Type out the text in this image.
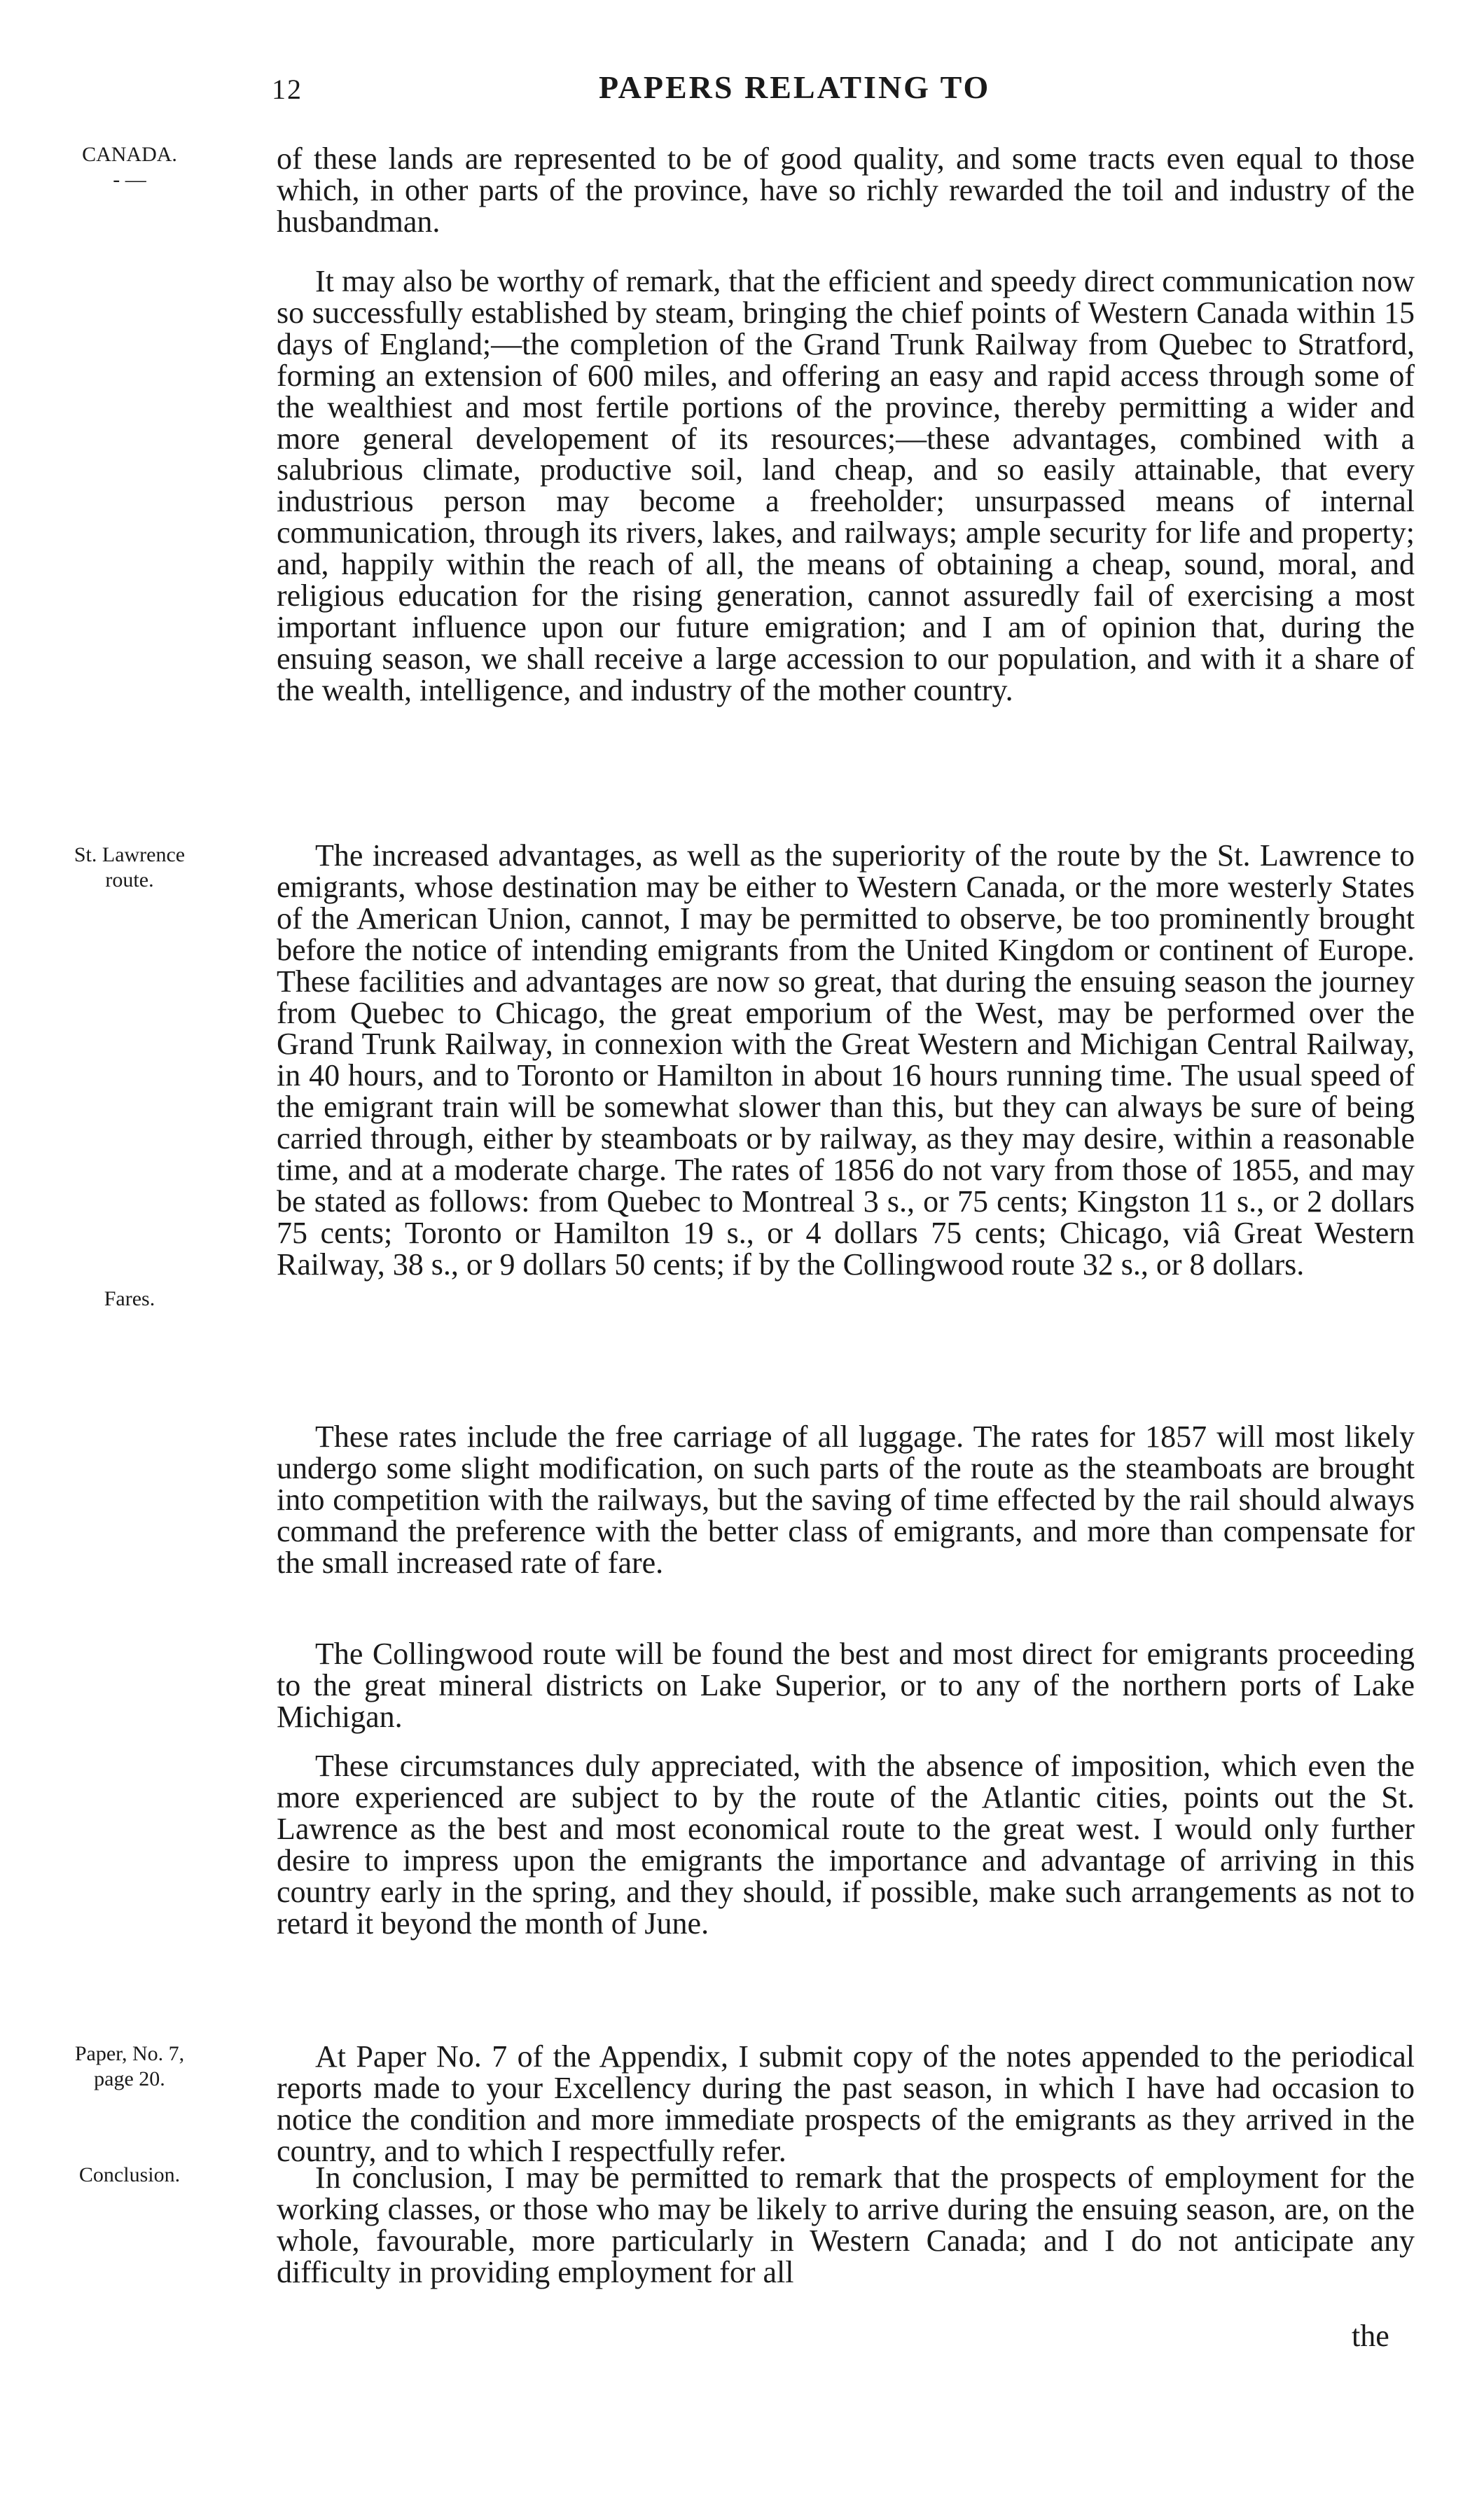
12	PAPERS RELATING TO
CANADA.
- —
St. Lawrence
route.
Fares.
Paper, No. 7,
page 20.
Conclusion.

of these lands are represented to be of good quality, and some tracts even equal to those which, in other parts of the province, have so richly rewarded the toil and industry of the husbandman.

It may also be worthy of remark, that the efficient and speedy direct communication now so successfully established by steam, bringing the chief points of Western Canada within 15 days of England;—the completion of the Grand Trunk Railway from Quebec to Stratford, forming an extension of 600 miles, and offering an easy and rapid access through some of the wealthiest and most fertile portions of the province, thereby permitting a wider and more general developement of its resources;—these advantages, combined with a salubrious climate, productive soil, land cheap, and so easily attainable, that every industrious person may become a freeholder; unsurpassed means of internal communication, through its rivers, lakes, and railways; ample security for life and property; and, happily within the reach of all, the means of obtaining a cheap, sound, moral, and religious education for the rising generation, cannot assuredly fail of exercising a most important influence upon our future emigration; and I am of opinion that, during the ensuing season, we shall receive a large accession to our population, and with it a share of the wealth, intelligence, and industry of the mother country.

The increased advantages, as well as the superiority of the route by the St. Lawrence to emigrants, whose destination may be either to Western Canada, or the more westerly States of the American Union, cannot, I may be permitted to observe, be too prominently brought before the notice of intending emigrants from the United Kingdom or continent of Europe. These facilities and advantages are now so great, that during the ensuing season the journey from Quebec to Chicago, the great emporium of the West, may be performed over the Grand Trunk Railway, in connexion with the Great Western and Michigan Central Railway, in 40 hours, and to Toronto or Hamilton in about 16 hours running time. The usual speed of the emigrant train will be somewhat slower than this, but they can always be sure of being carried through, either by steamboats or by railway, as they may desire, within a reasonable time, and at a moderate charge. The rates of 1856 do not vary from those of 1855, and may be stated as follows: from Quebec to Montreal 3 s., or 75 cents; Kingston 11 s., or 2 dollars 75 cents; Toronto or Hamilton 19 s., or 4 dollars 75 cents; Chicago, viâ Great Western Railway, 38 s., or 9 dollars 50 cents; if by the Collingwood route 32 s., or 8 dollars.

These rates include the free carriage of all luggage. The rates for 1857 will most likely undergo some slight modification, on such parts of the route as the steamboats are brought into competition with the railways, but the saving of time effected by the rail should always command the preference with the better class of emigrants, and more than compensate for the small increased rate of fare.

The Collingwood route will be found the best and most direct for emigrants proceeding to the great mineral districts on Lake Superior, or to any of the northern ports of Lake Michigan.

These circumstances duly appreciated, with the absence of imposition, which even the more experienced are subject to by the route of the Atlantic cities, points out the St. Lawrence as the best and most economical route to the great west. I would only further desire to impress upon the emigrants the importance and advantage of arriving in this country early in the spring, and they should, if possible, make such arrangements as not to retard it beyond the month of June.

At Paper No. 7 of the Appendix, I submit copy of the notes appended to the periodical reports made to your Excellency during the past season, in which I have had occasion to notice the condition and more immediate prospects of the emigrants as they arrived in the country, and to which I respectfully refer.

In conclusion, I may be permitted to remark that the prospects of employment for the working classes, or those who may be likely to arrive during the ensuing season, are, on the whole, favourable, more particularly in Western Canada; and I do not anticipate any difficulty in providing employment for all

the
